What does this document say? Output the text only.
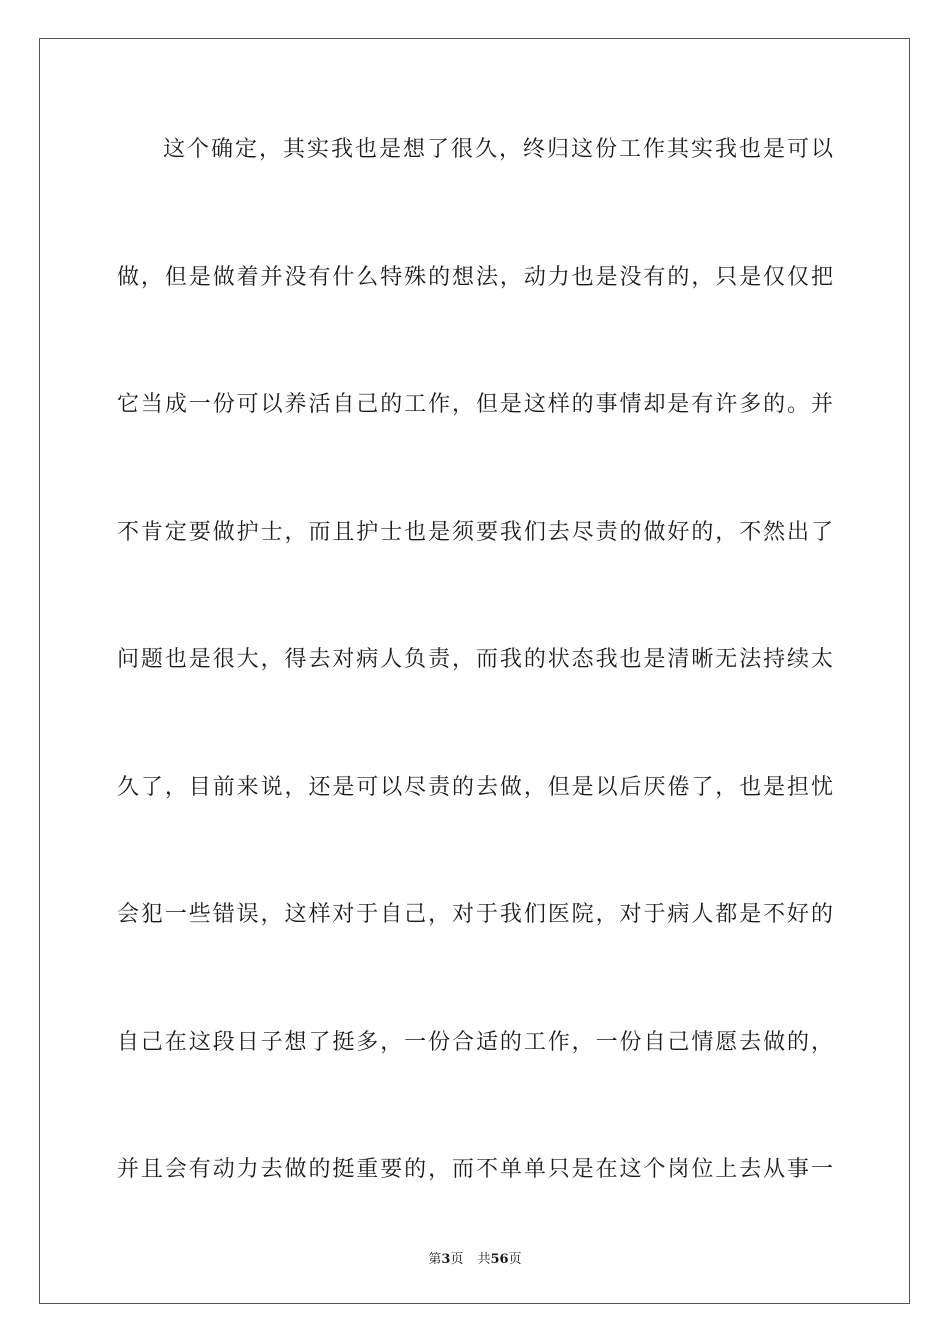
这个确定，其实我也是想了很久，终归这份工作其实我也是可以
做，但是做着并没有什么特殊的想法，动力也是没有的，只是仅仅把
它当成一份可以养活自己的工作，但是这样的事情却是有许多的。并
不肯定要做护士，而且护士也是须要我们去尽责的做好的，不然出了
问题也是很大，得去对病人负责，而我的状态我也是清晰无法持续太
久了，目前来说，还是可以尽责的去做，但是以后厌倦了，也是担忧
会犯一些错误，这样对于自己，对于我们医院，对于病人都是不好的
自己在这段日子想了挺多，一份合适的工作，一份自己情愿去做的，
并且会有动力去做的挺重要的，而不单单只是在这个岗位上去从事一
第3页 共56页
